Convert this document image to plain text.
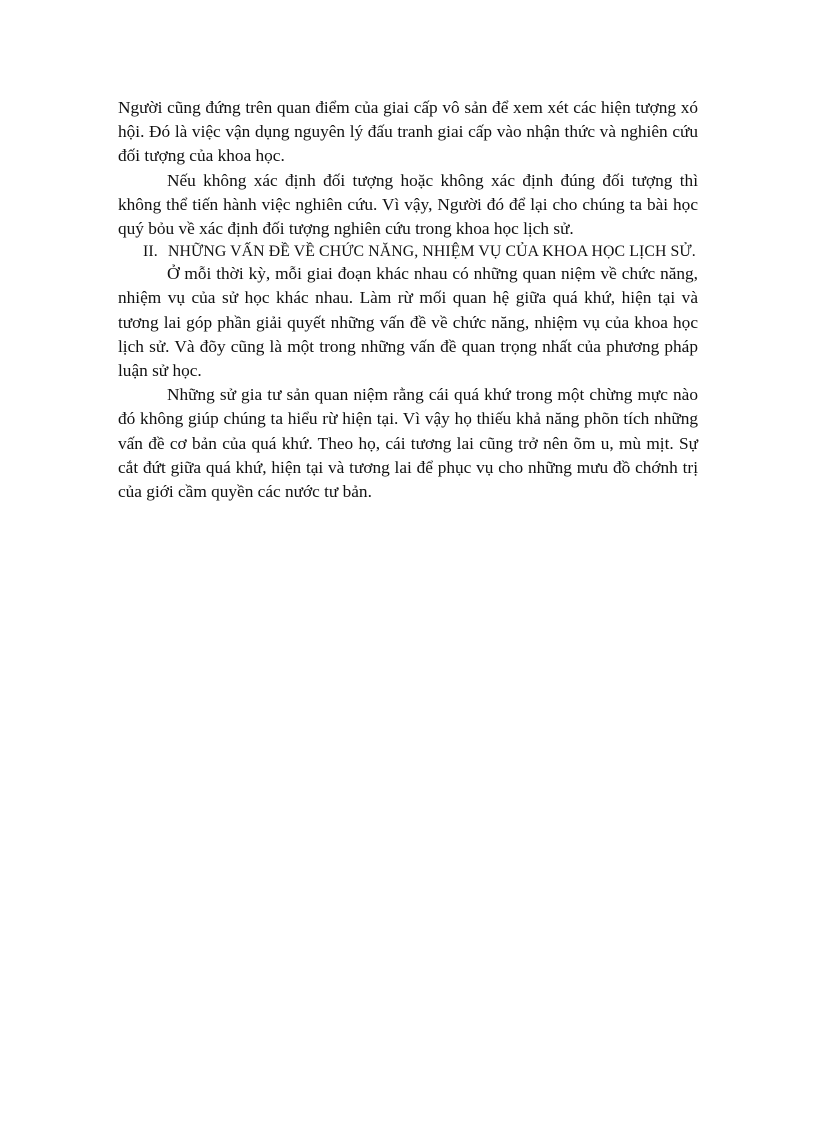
Người cũng đứng trên quan điểm của giai cấp vô sản để xem xét các hiện tượng xó hội. Đó là việc vận dụng nguyên lý đấu tranh giai cấp vào nhận thức và nghiên cứu đối tượng của khoa học.

Nếu không xác định đối tượng hoặc không xác định đúng đối tượng thì không thể tiến hành việc nghiên cứu. Vì vậy, Người đó để lại cho chúng ta bài học quý bỏu về xác định đối tượng nghiên cứu trong khoa học lịch sử.

II. NHỮNG VẤN ĐỀ VỀ CHỨC NĂNG, NHIỆM VỤ CỦA KHOA HỌC LỊCH SỬ.

Ở mỗi thời kỳ, mỗi giai đoạn khác nhau có những quan niệm về chức năng, nhiệm vụ của sử học khác nhau. Làm rừ mối quan hệ giữa quá khứ, hiện tại và tương lai góp phần giải quyết những vấn đề về chức năng, nhiệm vụ của khoa học lịch sử. Và đõy cũng là một trong những vấn đề quan trọng nhất của phương pháp luận sử học.

Những sử gia tư sản quan niệm rằng cái quá khứ trong một chừng mực nào đó không giúp chúng ta hiểu rừ hiện tại. Vì vậy họ thiếu khả năng phõn tích những vấn đề cơ bản của quá khứ. Theo họ, cái tương lai cũng trở nên õm u, mù mịt. Sự cắt đứt giữa quá khứ, hiện tại và tương lai để phục vụ cho những mưu đồ chớnh trị của giới cầm quyền các nước tư bản.
